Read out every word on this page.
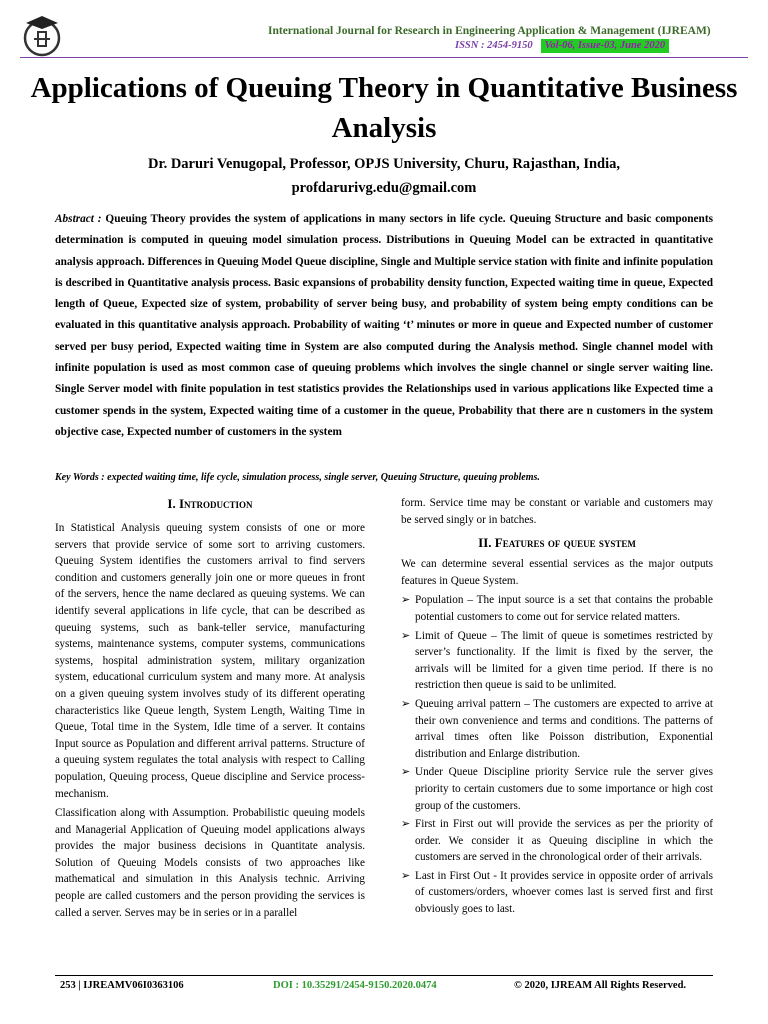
International Journal for Research in Engineering Application & Management (IJREAM)
ISSN : 2454-9150	Vol-06, Issue-03, June 2020
Applications of Queuing Theory in Quantitative Business Analysis
Dr. Daruri Venugopal, Professor, OPJS University, Churu, Rajasthan, India,
profdarurivg.edu@gmail.com
Abstract : Queuing Theory provides the system of applications in many sectors in life cycle. Queuing Structure and basic components determination is computed in queuing model simulation process. Distributions in Queuing Model can be extracted in quantitative analysis approach. Differences in Queuing Model Queue discipline, Single and Multiple service station with finite and infinite population is described in Quantitative analysis process. Basic expansions of probability density function, Expected waiting time in queue, Expected length of Queue, Expected size of system, probability of server being busy, and probability of system being empty conditions can be evaluated in this quantitative analysis approach. Probability of waiting ‘t’ minutes or more in queue and Expected number of customer served per busy period, Expected waiting time in System are also computed during the Analysis method. Single channel model with infinite population is used as most common case of queuing problems which involves the single channel or single server waiting line. Single Server model with finite population in test statistics provides the Relationships used in various applications like Expected time a customer spends in the system, Expected waiting time of a customer in the queue, Probability that there are n customers in the system objective case, Expected number of customers in the system
Key Words : expected waiting time, life cycle, simulation process, single server, Queuing Structure, queuing problems.
I. Introduction

In Statistical Analysis queuing system consists of one or more servers that provide service of some sort to arriving customers. Queuing System identifies the customers arrival to find servers condition and customers generally join one or more queues in front of the servers, hence the name declared as queuing systems. We can identify several applications in life cycle, that can be described as queuing systems, such as bank-teller service, manufacturing systems, maintenance systems, computer systems, communications systems, hospital administration system, military organization system, educational curriculum system and many more. At analysis on a given queuing system involves study of its different operating characteristics like Queue length, System Length, Waiting Time in Queue, Total time in the System, Idle time of a server. It contains Input source as Population and different arrival patterns. Structure of a queuing system regulates the total analysis with respect to Calling population, Queuing process, Queue discipline and Service process-mechanism.

Classification along with Assumption. Probabilistic queuing models and Managerial Application of Queuing model applications always provides the major business decisions in Quantitate analysis. Solution of Queuing Models consists of two approaches like mathematical and simulation in this Analysis technic. Arriving people are called customers and the person providing the services is called a server. Serves may be in series or in a parallel

form. Service time may be constant or variable and customers may be served singly or in batches.

II. Features of queue system

We can determine several essential services as the major outputs features in Queue System.

➢ Population – The input source is a set that contains the probable potential customers to come out for service related matters.
➢ Limit of Queue – The limit of queue is sometimes restricted by server’s functionality. If the limit is fixed by the server, the arrivals will be limited for a given time period. If there is no restriction then queue is said to be unlimited.
➢ Queuing arrival pattern – The customers are expected to arrive at their own convenience and terms and conditions. The patterns of arrival times often like Poisson distribution, Exponential distribution and Enlarge distribution.
➢ Under Queue Discipline priority Service rule the server gives priority to certain customers due to some importance or high cost group of the customers.
➢ First in First out will provide the services as per the priority of order. We consider it as Queuing discipline in which the customers are served in the chronological order of their arrivals.
➢ Last in First Out - It provides service in opposite order of arrivals of customers/orders, whoever comes last is served first and first obviously goes to last.
253 | IJREAMV06I0363106	DOI : 10.35291/2454-9150.2020.0474	© 2020, IJREAM All Rights Reserved.
